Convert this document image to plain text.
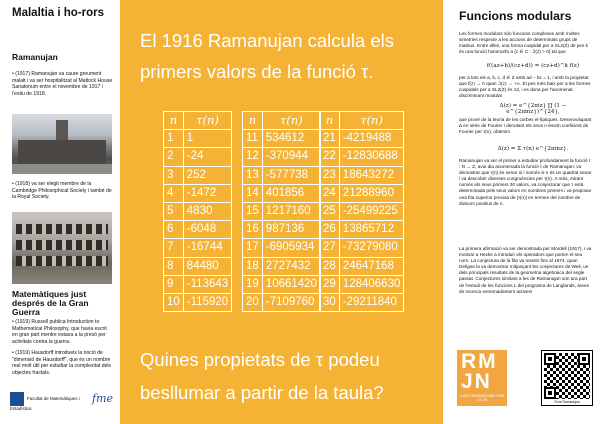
Malaltia i ho-rors
Ramanujan
• (1917) Ramanujan va caure greument malalt i va ser hospitalitzat al Matlock House Sanatorium entre el novembre de 1917 i l'estiu de 1918.
• (1918) va ser elegit membre de la Cambridge Philosophical Society i també de la Royal Society.
Matemàtiques just després de la Gran Guerra
• (1919) Russell publica Introduction to Mathematical Philosophy, que havia escrit en gran part mentre estava a la presó per activitats contra la guerra.
• (1919) Hausdorff introdueix la noció de "dimensió de Hausdorff", que és un nombre real molt útil per estudiar la complexitat dels objectes fractals.
Facultat de Matemàtiques i Estadística
fme
El 1916 Ramanujan calcula els primers valors de la funció τ.
n	τ(n)
1	1
2	-24
3	252
4	-1472
5	4830
6	-6048
7	-16744
8	84480
9	-113643
10	-115920
n	τ(n)
11	534612
12	-370944
13	-577738
14	401856
15	1217160
16	987136
17	-6905934
18	2727432
19	10661420
20	-7109760
n	τ(n)
21	-4219488
22	-12830688
23	18643272
24	21288960
25	-25499225
26	13865712
27	-73279080
28	24647168
29	128406630
30	-29211840
Quines propietats de τ podeu besllumar a partir de la taula?
Funcions modulars
Les formes modulars són funcions complexes amb moltes simetries respecte a les accions de determinats grups de matrius. Entre elles, una forma cuspidal per a SL2(Z) de pes k és una funció holomorfa a {z ∈ C : ℑ(z) > 0} tal que
f((az+b)/(cz+d)) = (cz+d)^k f(z)
per a tots els a, b, c, d ∈ Z amb ad − bc = 1, i amb la propietat que f(z) → 0 quan ℑ(z) → +∞. El pes més baix per a les formes cuspidals per a SL2(Z) és 12, i es dona per l'anomenat discriminant modular
Δ(z) = e^{2πiz} ∏ (1 − e^{2πinz})^{24},
que prové de la teoria de les corbes el·líptiques. Desenvolupant Δ en sèrie de Fourier i denotant els seus n-èssim coeficient de Fourier per τ(n), obtenim
Δ(z) = Σ τ(n) e^{2πinz}.
Ramanujan va ser el primer a estudiar profundament la funció τ : N → Z, avui dia anomenada la funció τ de Ramanujan: va demostrar que τ(n) és senar si i només si n és un quadrat senar i va descobrir diverses congruències per τ(n). A més, mirant només els seus primers 30 valors, va conjecturar que τ està determinada pels seus valors en nombres primers i va proposar una fita superior precisa de |τ(n)| en termes del nombre de divisors positius de n.
La primera afirmació va ser demostrada per Mordell (1917), i va motivar a Hecke a introduir els operadors que porten el seu nom. La conjectura de la fita va resistir fins al 1974, quan Deligne la va demostrar mitjançant les conjectures de Weil, un dels principals resultats de la geometria algebraica del segle passat. Conjectures similars a les de Ramanujan són ara part de l'estudi de les funcions L del programa de Langlands, àrees de recerca extremadament actives!
RM JN
CURS RAMANUJAN FME 24-25	Cicle Ramanujan
